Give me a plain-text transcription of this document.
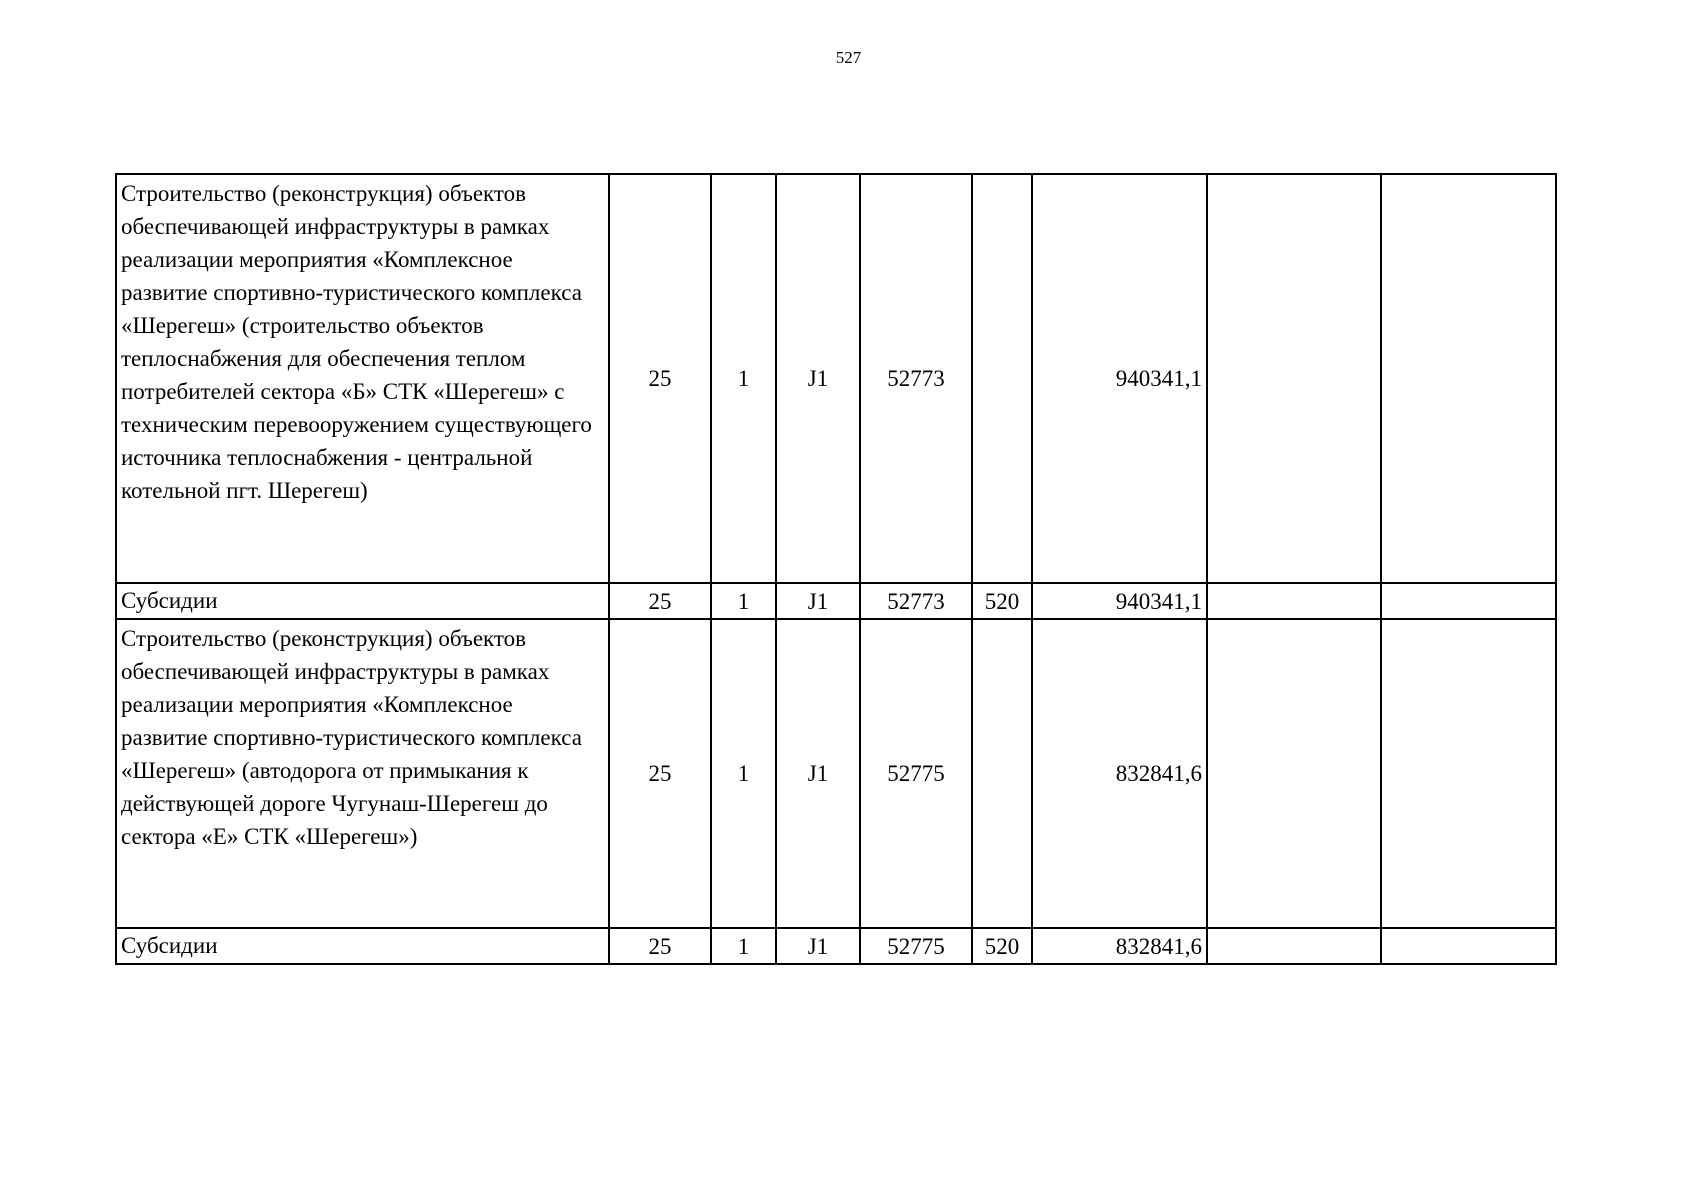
527
Строительство (реконструкция) объектов обеспечивающей инфраструктуры в рамках реализации мероприятия «Комплексное развитие спортивно-туристического комплекса «Шерегеш» (строительство объектов теплоснабжения для обеспечения теплом потребителей сектора «Б» СТК «Шерегеш» с техническим перевооружением существующего источника теплоснабжения - центральной котельной пгт. Шерегеш)	25	1	J1	52773		940341,1		
Субсидии	25	1	J1	52773	520	940341,1		
Строительство (реконструкция) объектов обеспечивающей инфраструктуры в рамках реализации мероприятия «Комплексное развитие спортивно-туристического комплекса «Шерегеш» (автодорога от примыкания к действующей дороге Чугунаш-Шерегеш до сектора «Е» СТК «Шерегеш»)	25	1	J1	52775		832841,6		
Субсидии	25	1	J1	52775	520	832841,6		
